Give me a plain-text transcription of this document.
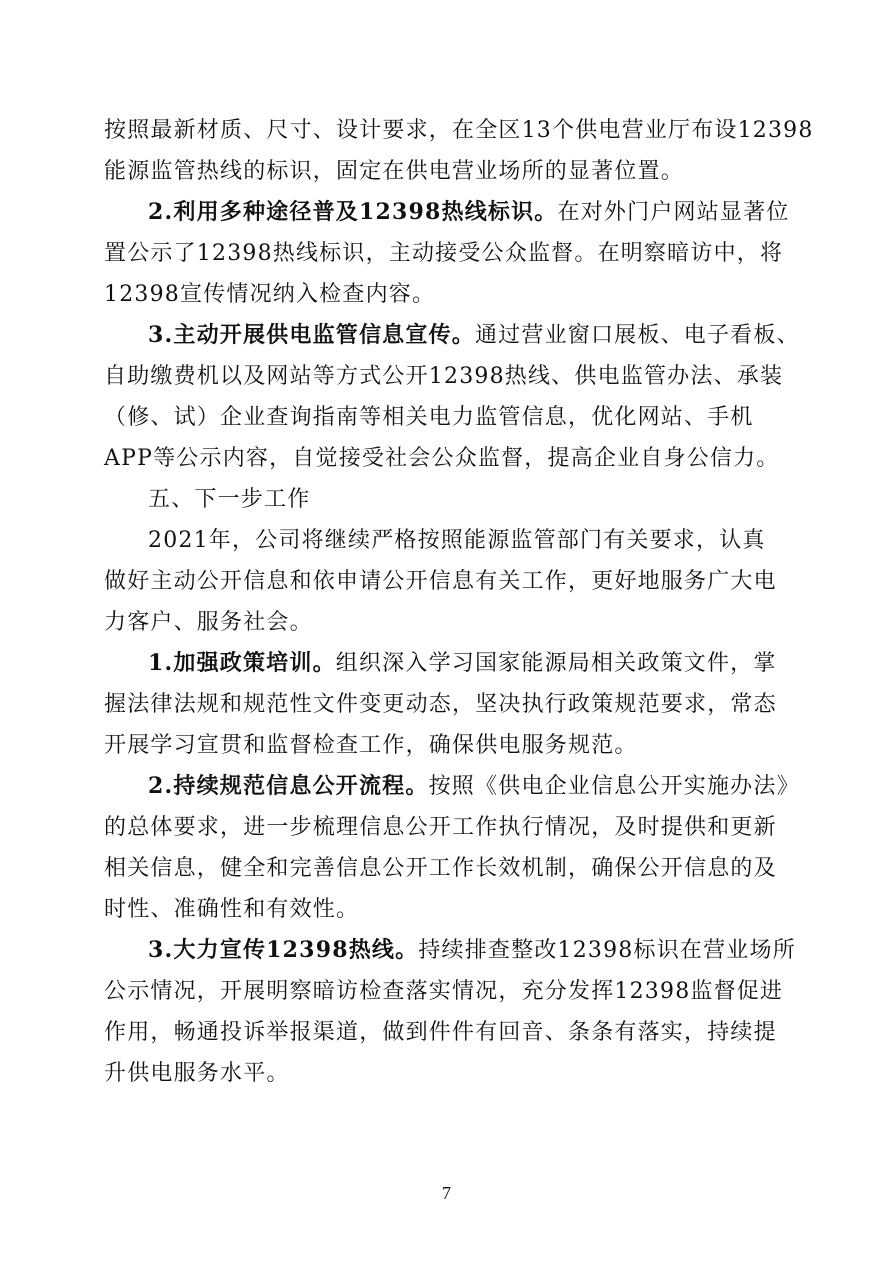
按照最新材质、尺寸、设计要求，在全区13个供电营业厅布设12398
能源监管热线的标识，固定在供电营业场所的显著位置。
2.利用多种途径普及12398热线标识。在对外门户网站显著位
置公示了12398热线标识，主动接受公众监督。在明察暗访中，将
12398宣传情况纳入检查内容。
3.主动开展供电监管信息宣传。通过营业窗口展板、电子看板、
自助缴费机以及网站等方式公开12398热线、供电监管办法、承装
（修、试）企业查询指南等相关电力监管信息，优化网站、手机
APP等公示内容，自觉接受社会公众监督，提高企业自身公信力。
五、下一步工作
2021年，公司将继续严格按照能源监管部门有关要求，认真
做好主动公开信息和依申请公开信息有关工作，更好地服务广大电
力客户、服务社会。
1.加强政策培训。组织深入学习国家能源局相关政策文件，掌
握法律法规和规范性文件变更动态，坚决执行政策规范要求，常态
开展学习宣贯和监督检查工作，确保供电服务规范。
2.持续规范信息公开流程。按照《供电企业信息公开实施办法》
的总体要求，进一步梳理信息公开工作执行情况，及时提供和更新
相关信息，健全和完善信息公开工作长效机制，确保公开信息的及
时性、准确性和有效性。
3.大力宣传12398热线。持续排查整改12398标识在营业场所
公示情况，开展明察暗访检查落实情况，充分发挥12398监督促进
作用，畅通投诉举报渠道，做到件件有回音、条条有落实，持续提
升供电服务水平。
7
